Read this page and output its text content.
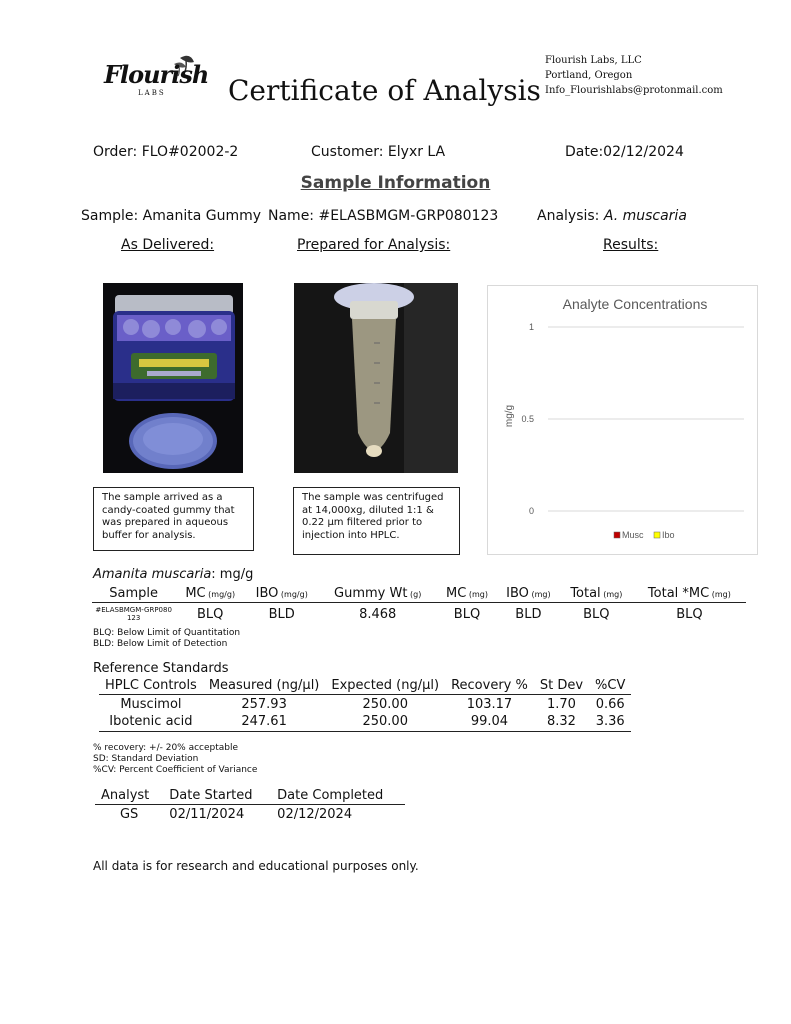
Flourish
LABS Certificate of Analysis
Flourish Labs, LLC
Portland, Oregon
Info_Flourishlabs@protonmail.com
Order: FLO#02002-2	Customer: Elyxr LA	Date:02/12/2024
Sample Information
Sample: Amanita Gummy Name: #ELASBMGM-GRP080123	Analysis: A. muscaria
As Delivered:	Prepared for Analysis:	Results:
The sample arrived as a candy-coated gummy that was prepared in aqueous buffer for analysis.
The sample was centrifuged at 14,000xg, diluted 1:1 & 0.22 µm filtered prior to injection into HPLC.
Analyte Concentrations
0
0.5
1
mg/g
Musc Ibo
Amanita muscaria: mg/g
Sample	MC (mg/g)	IBO (mg/g)	Gummy Wt (g)	MC (mg)	IBO (mg)	Total (mg)	Total *MC (mg)
#ELASBMGM-GRP080123	BLQ	BLD	8.468	BLQ	BLD	BLQ	BLQ
BLQ: Below Limit of Quantitation
BLD: Below Limit of Detection
Reference Standards
HPLC Controls	Measured (ng/µl)	Expected (ng/µl)	Recovery %	St Dev	%CV
Muscimol	257.93	250.00	103.17	1.70	0.66
Ibotenic acid	247.61	250.00	99.04	8.32	3.36
% recovery: +/- 20% acceptable
SD: Standard Deviation
%CV: Percent Coefficient of Variance
Analyst	Date Started	Date Completed
GS	02/11/2024	02/12/2024
All data is for research and educational purposes only.
